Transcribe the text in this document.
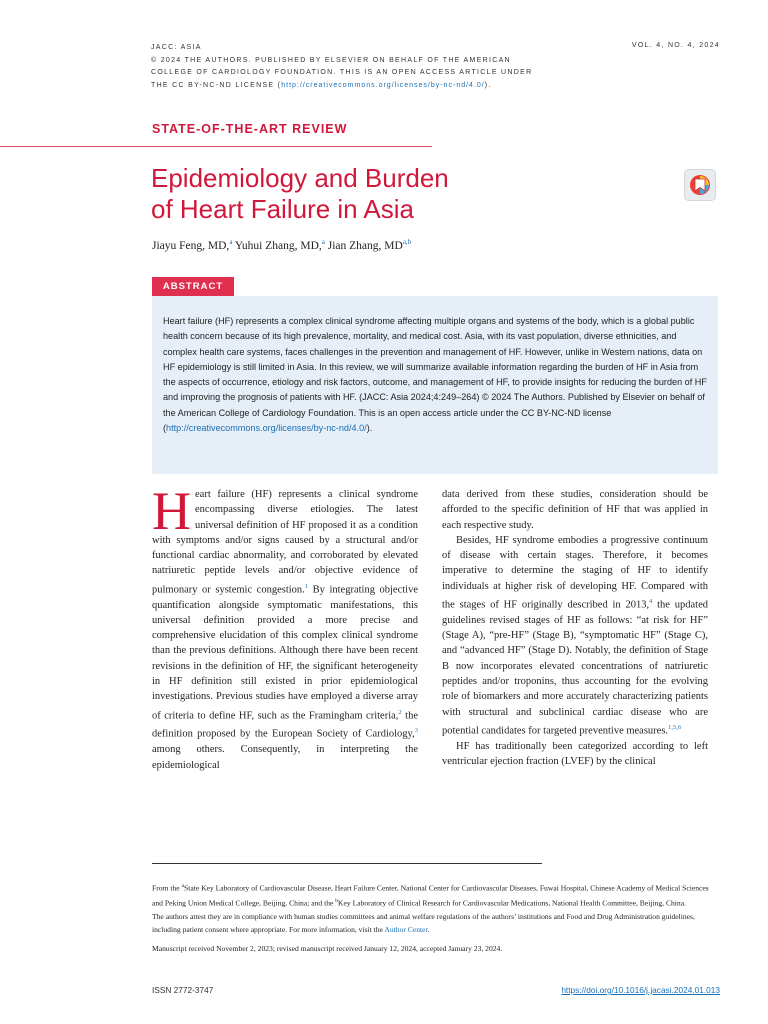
JACC: ASIA
© 2024 THE AUTHORS. PUBLISHED BY ELSEVIER ON BEHALF OF THE AMERICAN
COLLEGE OF CARDIOLOGY FOUNDATION. THIS IS AN OPEN ACCESS ARTICLE UNDER
THE CC BY-NC-ND LICENSE (http://creativecommons.org/licenses/by-nc-nd/4.0/).
VOL. 4, NO. 4, 2024
STATE-OF-THE-ART REVIEW
Epidemiology and Burden
of Heart Failure in Asia
Jiayu Feng, MD,$^a$ Yuhui Zhang, MD,$^a$ Jian Zhang, MD$^{a,b}$
ABSTRACT
Heart failure (HF) represents a complex clinical syndrome affecting multiple organs and systems of the body, which is a global public health concern because of its high prevalence, mortality, and medical cost. Asia, with its vast population, diverse ethnicities, and complex health care systems, faces challenges in the prevention and management of HF. However, unlike in Western nations, data on HF epidemiology is still limited in Asia. In this review, we will summarize available information regarding the burden of HF in Asia from the aspects of occurrence, etiology and risk factors, outcome, and management of HF, to provide insights for reducing the burden of HF and improving the prognosis of patients with HF. (JACC: Asia 2024;4:249–264) © 2024 The Authors. Published by Elsevier on behalf of the American College of Cardiology Foundation. This is an open access article under the CC BY-NC-ND license (http://creativecommons.org/licenses/by-nc-nd/4.0/).

Heart failure (HF) represents a clinical syndrome encompassing diverse etiologies. The latest universal definition of HF proposed it as a condition with symptoms and/or signs caused by a structural and/or functional cardiac abnormality, and corroborated by elevated natriuretic peptide levels and/or objective evidence of pulmonary or systemic congestion.$^1$ By integrating objective quantification alongside symptomatic manifestations, this universal definition provided a more precise and comprehensive elucidation of this complex clinical syndrome than the previous definitions. Although there have been recent revisions in the definition of HF, the significant heterogeneity in HF definition still existed in prior epidemiological investigations. Previous studies have employed a diverse array of criteria to define HF, such as the Framingham criteria,$^2$ the definition proposed by the European Society of Cardiology,$^3$ among others. Consequently, in interpreting the epidemiological

data derived from these studies, consideration should be afforded to the specific definition of HF that was applied in each respective study.

Besides, HF syndrome embodies a progressive continuum of disease with certain stages. Therefore, it becomes imperative to determine the staging of HF to identify individuals at higher risk of developing HF. Compared with the stages of HF originally described in 2013,$^4$ the updated guidelines revised stages of HF as follows: “at risk for HF” (Stage A), “pre-HF” (Stage B), “symptomatic HF” (Stage C), and “advanced HF” (Stage D). Notably, the definition of Stage B now incorporates elevated concentrations of natriuretic peptides and/or troponins, thus accounting for the evolving role of biomarkers and more accurately characterizing patients with structural and subclinical cardiac disease who are potential candidates for targeted preventive measures.$^{1,5,6}$

HF has traditionally been categorized according to left ventricular ejection fraction (LVEF) by the clinical

From the $^a$State Key Laboratory of Cardiovascular Disease, Heart Failure Center, National Center for Cardiovascular Diseases, Fuwai Hospital, Chinese Academy of Medical Sciences and Peking Union Medical College, Beijing, China; and the $^b$Key Laboratory of Clinical Research for Cardiovascular Medications, National Health Committee, Beijing, China.

The authors attest they are in compliance with human studies committees and animal welfare regulations of the authors’ institutions and Food and Drug Administration guidelines, including patient consent where appropriate. For more information, visit the Author Center.

Manuscript received November 2, 2023; revised manuscript received January 12, 2024, accepted January 23, 2024.

ISSN 2772-3747	https://doi.org/10.1016/j.jacasi.2024.01.013
